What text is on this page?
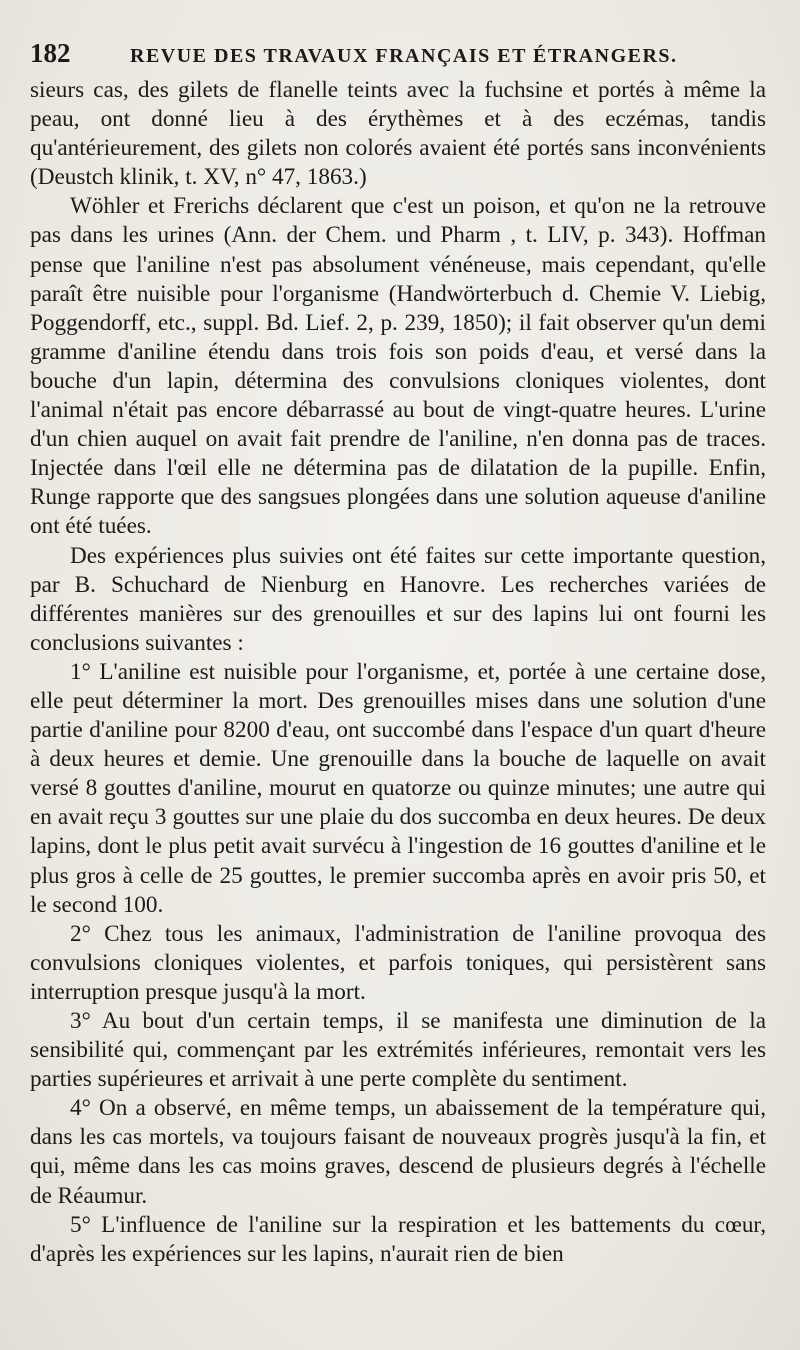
182	REVUE DES TRAVAUX FRANÇAIS ET ÉTRANGERS.

sieurs cas, des gilets de flanelle teints avec la fuchsine et portés à même la peau, ont donné lieu à des érythèmes et à des eczémas, tandis qu'antérieurement, des gilets non colorés avaient été portés sans inconvénients (Deustch klinik, t. XV, n° 47, 1863.)

Wöhler et Frerichs déclarent que c'est un poison, et qu'on ne la retrouve pas dans les urines (Ann. der Chem. und Pharm , t. LIV, p. 343). Hoffman pense que l'aniline n'est pas absolument vénéneuse, mais cependant, qu'elle paraît être nuisible pour l'organisme (Handwörterbuch d. Chemie V. Liebig, Poggendorff, etc., suppl. Bd. Lief. 2, p. 239, 1850); il fait observer qu'un demi gramme d'aniline étendu dans trois fois son poids d'eau, et versé dans la bouche d'un lapin, détermina des convulsions cloniques violentes, dont l'animal n'était pas encore débarrassé au bout de vingt-quatre heures. L'urine d'un chien auquel on avait fait prendre de l'aniline, n'en donna pas de traces. Injectée dans l'œil elle ne détermina pas de dilatation de la pupille. Enfin, Runge rapporte que des sangsues plongées dans une solution aqueuse d'aniline ont été tuées.

Des expériences plus suivies ont été faites sur cette importante question, par B. Schuchard de Nienburg en Hanovre. Les recherches variées de différentes manières sur des grenouilles et sur des lapins lui ont fourni les conclusions suivantes :

1° L'aniline est nuisible pour l'organisme, et, portée à une certaine dose, elle peut déterminer la mort. Des grenouilles mises dans une solution d'une partie d'aniline pour 8200 d'eau, ont succombé dans l'espace d'un quart d'heure à deux heures et demie. Une grenouille dans la bouche de laquelle on avait versé 8 gouttes d'aniline, mourut en quatorze ou quinze minutes; une autre qui en avait reçu 3 gouttes sur une plaie du dos succomba en deux heures. De deux lapins, dont le plus petit avait survécu à l'ingestion de 16 gouttes d'aniline et le plus gros à celle de 25 gouttes, le premier succomba après en avoir pris 50, et le second 100.

2° Chez tous les animaux, l'administration de l'aniline provoqua des convulsions cloniques violentes, et parfois toniques, qui persistèrent sans interruption presque jusqu'à la mort.

3° Au bout d'un certain temps, il se manifesta une diminution de la sensibilité qui, commençant par les extrémités inférieures, remontait vers les parties supérieures et arrivait à une perte complète du sentiment.

4° On a observé, en même temps, un abaissement de la température qui, dans les cas mortels, va toujours faisant de nouveaux progrès jusqu'à la fin, et qui, même dans les cas moins graves, descend de plusieurs degrés à l'échelle de Réaumur.

5° L'influence de l'aniline sur la respiration et les battements du cœur, d'après les expériences sur les lapins, n'aurait rien de bien
